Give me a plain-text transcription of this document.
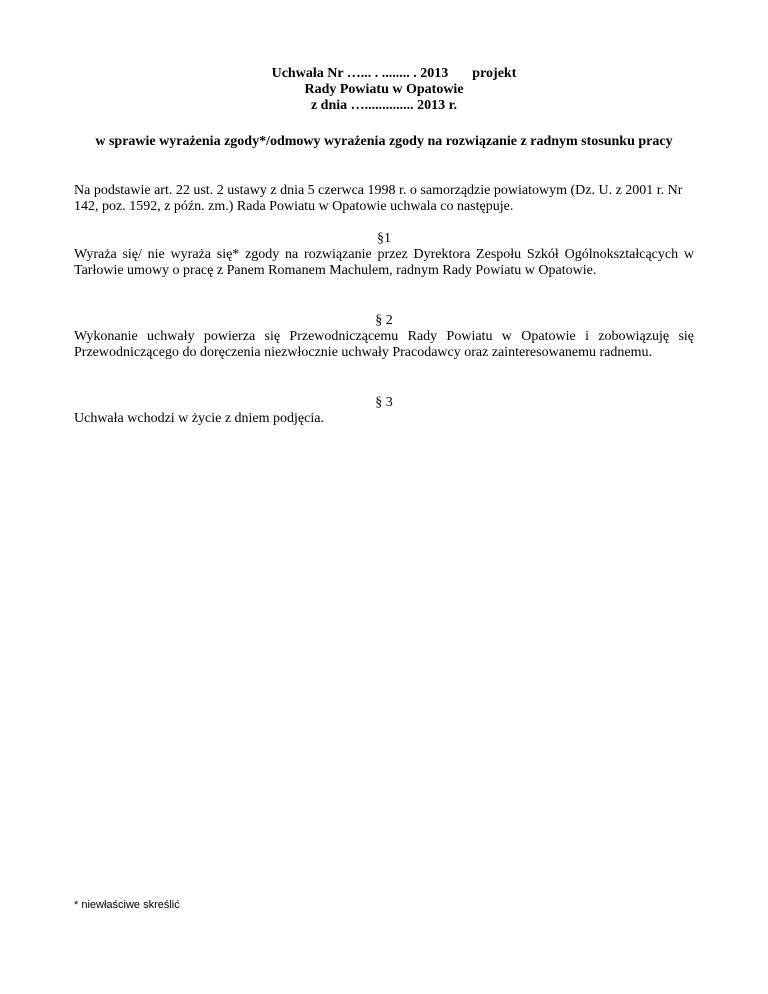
Uchwała Nr …... . ........ . 2013 projekt
Rady Powiatu w Opatowie
z dnia ….............. 2013 r.
w sprawie wyrażenia zgody*/odmowy wyrażenia zgody na rozwiązanie z radnym stosunku pracy
Na podstawie art. 22 ust. 2 ustawy z dnia 5 czerwca 1998 r. o samorządzie powiatowym (Dz. U. z 2001 r. Nr 142, poz. 1592, z późn. zm.) Rada Powiatu w Opatowie uchwala co następuje.
§1
Wyraża się/ nie wyraża się* zgody na rozwiązanie przez Dyrektora Zespołu Szkół Ogólnokształcących w Tarłowie umowy o pracę z Panem Romanem Machulem, radnym Rady Powiatu w Opatowie.
§ 2
Wykonanie uchwały powierza się Przewodniczącemu Rady Powiatu w Opatowie i zobowiązuję się Przewodniczącego do doręczenia niezwłocznie uchwały Pracodawcy oraz zainteresowanemu radnemu.
§ 3
Uchwała wchodzi w życie z dniem podjęcia.
* niewłaściwe skreślić
